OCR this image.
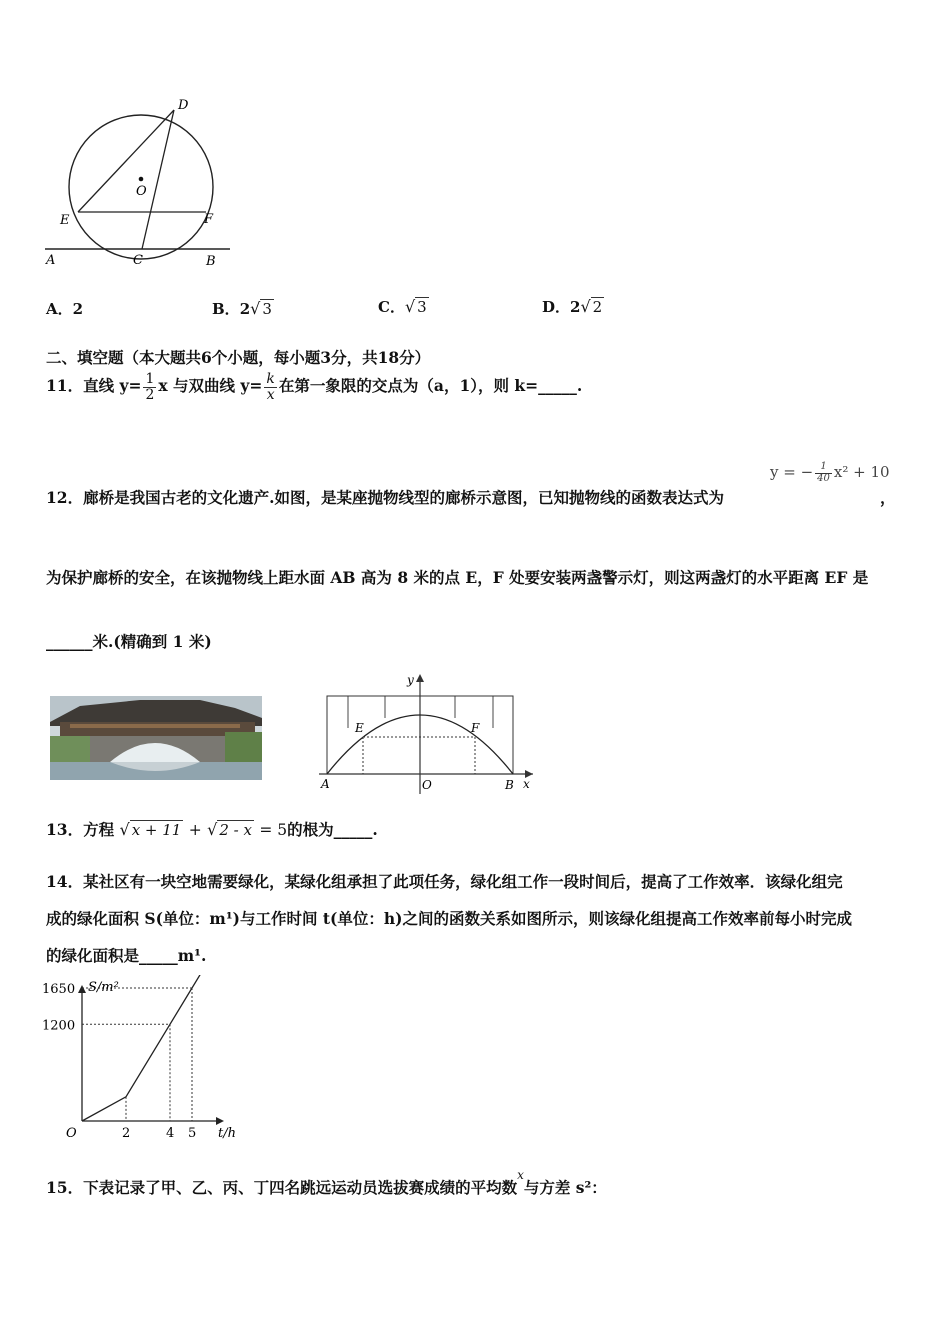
D
O
E	F
A	C	B
A．2	B．2√ 3	C．√ 3	D．2√ 2
二、填空题（本大题共6个小题，每小题3分，共18分）
11．直线 $y= \frac{1}{2}$ x 与双曲线 $y= \frac{k}{x}$ 在第一象限的交点为（a，1），则 k=_____.
12．廊桥是我国古老的文化遗产.如图，是某座抛物线型的廊桥示意图，已知抛物线的函数表达式为
y = − $\frac{1}{40} x^2 + 10$
，
为保护廊桥的安全，在该抛物线上距水面 AB 高为 8 米的点 E，F 处要安装两盏警示灯，则这两盏灯的水平距离 EF 是
______米.(精确到 1 米)
y
x
E	F
A	O	B
13．方程 √ x + 11 + √ 2 - x = 5的根为_____.
14．某社区有一块空地需要绿化，某绿化组承担了此项任务，绿化组工作一段时间后，提高了工作效率．该绿化组完
成的绿化面积 S(单位：m¹)与工作时间 t(单位：h)之间的函数关系如图所示，则该绿化组提高工作效率前每小时完成
的绿化面积是_____m¹.
2	4 5
1650
1200
O
S/m²
t/h
15．下表记录了甲、乙、丙、丁四名跳远运动员选拔赛成绩的平均数$^x$与方差 s²：
